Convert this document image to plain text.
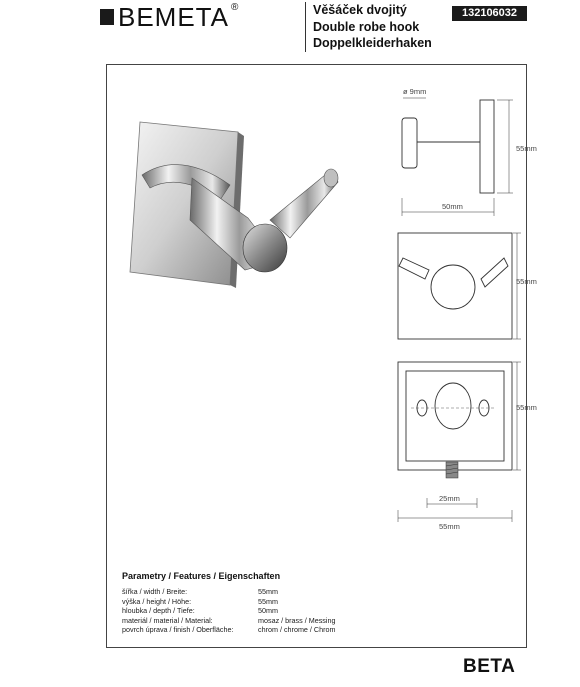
BEMETA ®	Věšáček dvojitý
Double robe hook
Doppelkleiderhaken
132106032
ø 9mm
55mm
50mm
55mm
55mm
25mm
55mm
Parametry / Features / Eigenschaften
šířka / width / Breite:	55mm
výška / height / Höhe:	55mm
hloubka / depth / Tiefe:	50mm
materiál / material / Material:	mosaz / brass / Messing
povrch úprava / finish / Oberfläche:	chrom / chrome / Chrom
BETA
